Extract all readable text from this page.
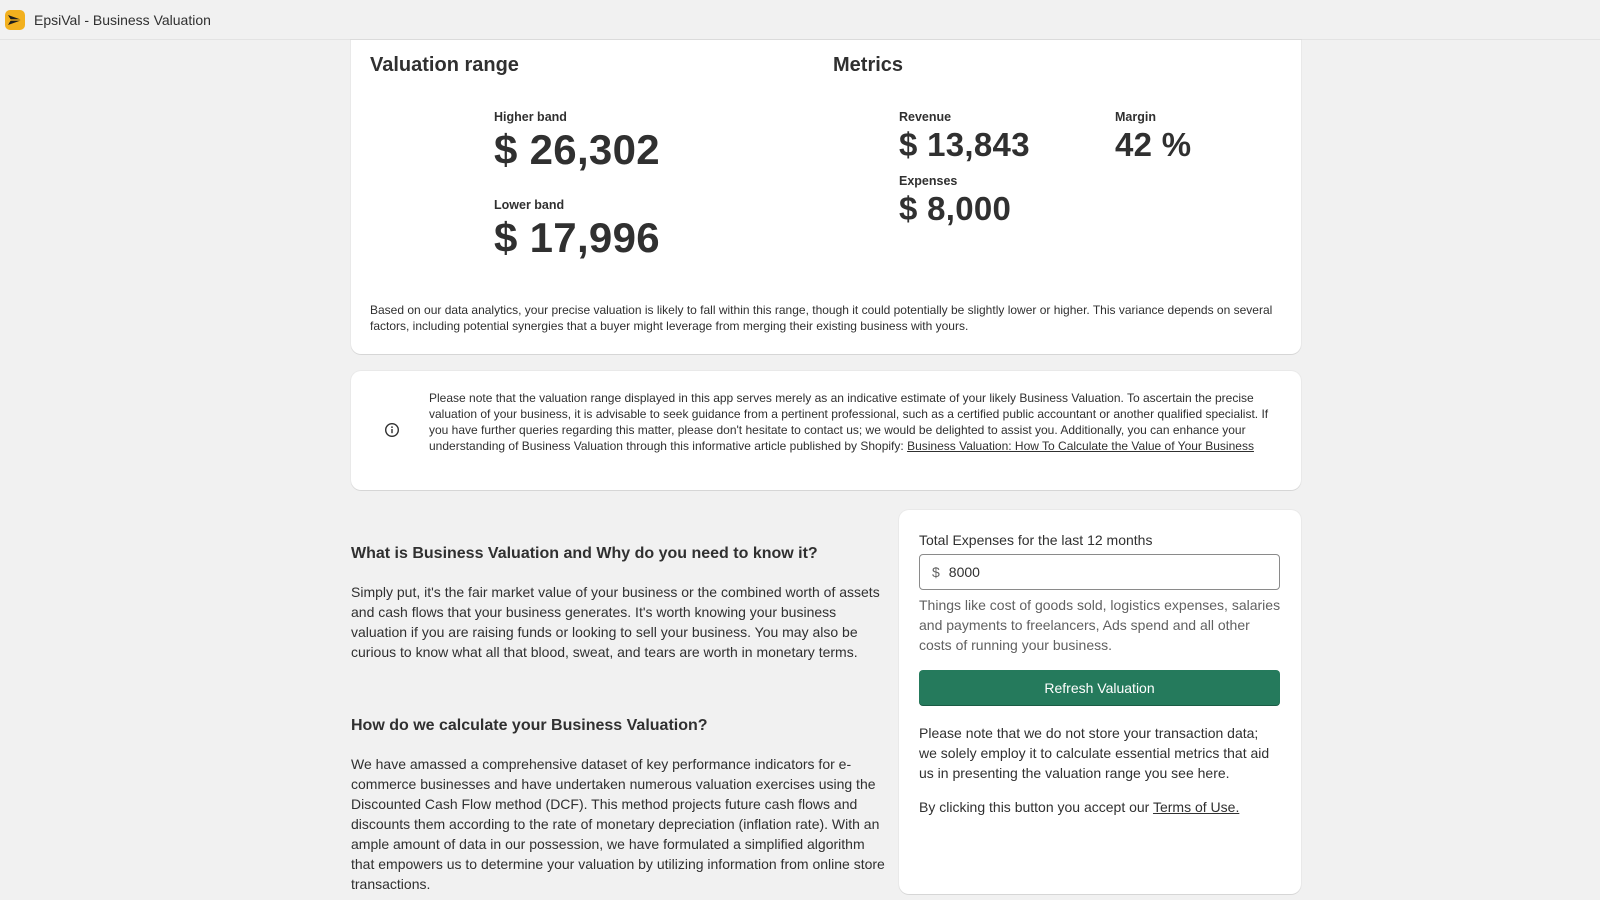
EpsiVal - Business Valuation
Valuation range
Higher band
$ 26,302
Lower band
$ 17,996
Metrics
Revenue
$ 13,843
Margin
42 %
Expenses
$ 8,000
Based on our data analytics, your precise valuation is likely to fall within this range, though it could potentially be slightly lower or higher. This variance depends on several factors, including potential synergies that a buyer might leverage from merging their existing business with yours.
Please note that the valuation range displayed in this app serves merely as an indicative estimate of your likely Business Valuation. To ascertain the precise valuation of your business, it is advisable to seek guidance from a pertinent professional, such as a certified public accountant or another qualified specialist. If you have further queries regarding this matter, please don't hesitate to contact us; we would be delighted to assist you. Additionally, you can enhance your understanding of Business Valuation through this informative article published by Shopify: Business Valuation: How To Calculate the Value of Your Business
What is Business Valuation and Why do you need to know it?

Simply put, it's the fair market value of your business or the combined worth of assets and cash flows that your business generates. It's worth knowing your business valuation if you are raising funds or looking to sell your business. You may also be curious to know what all that blood, sweat, and tears are worth in monetary terms.

How do we calculate your Business Valuation?

We have amassed a comprehensive dataset of key performance indicators for e-commerce businesses and have undertaken numerous valuation exercises using the Discounted Cash Flow method (DCF). This method projects future cash flows and discounts them according to the rate of monetary depreciation (inflation rate). With an ample amount of data in our possession, we have formulated a simplified algorithm that empowers us to determine your valuation by utilizing information from online store transactions.

Total Expenses for the last 12 months
$
8000
Things like cost of goods sold, logistics expenses, salaries and payments to freelancers, Ads spend and all other costs of running your business.
Refresh Valuation
Please note that we do not store your transaction data; we solely employ it to calculate essential metrics that aid us in presenting the valuation range you see here.
By clicking this button you accept our Terms of Use.
